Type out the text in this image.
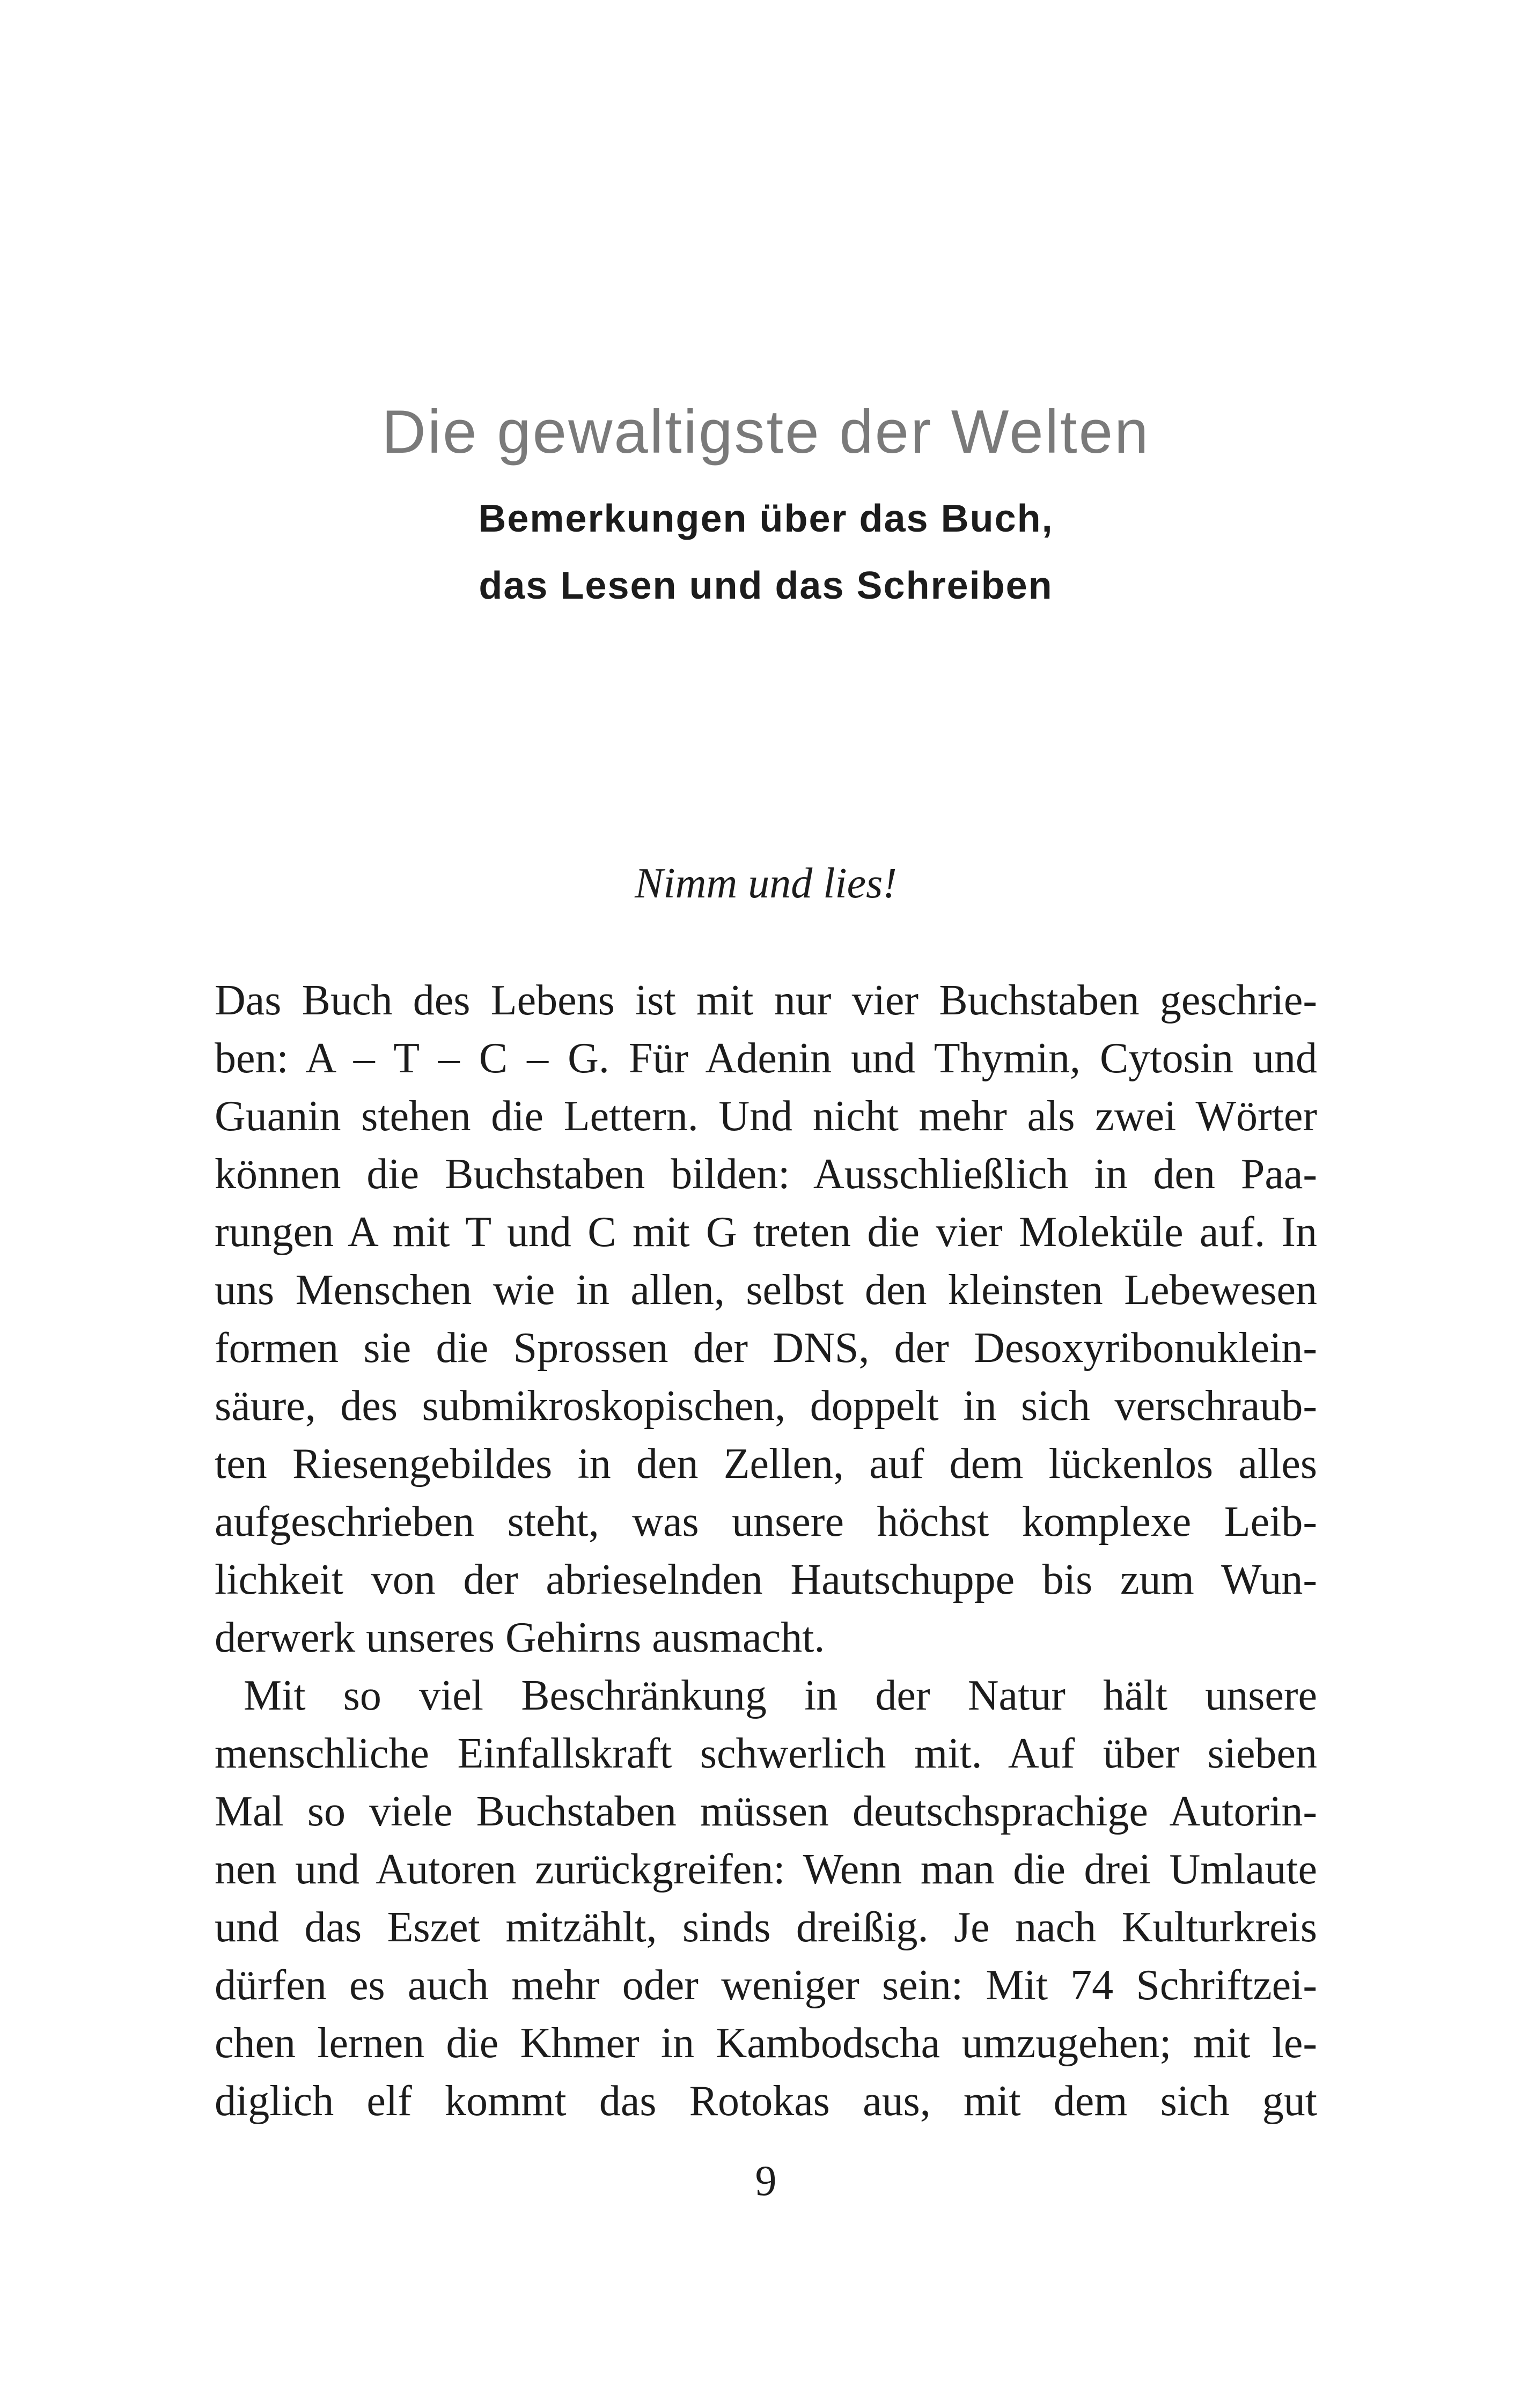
Die gewaltigste der Welten
Bemerkungen über das Buch,
das Lesen und das Schreiben
Nimm und lies!
Das Buch des Lebens ist mit nur vier Buchstaben geschrie-
ben: A – T – C – G. Für Adenin und Thymin, Cytosin und
Guanin stehen die Lettern. Und nicht mehr als zwei Wörter
können die Buchstaben bilden: Ausschließlich in den Paa-
rungen A mit T und C mit G treten die vier Moleküle auf. In
uns Menschen wie in allen, selbst den kleinsten Lebewesen
formen sie die Sprossen der DNS, der Desoxyribonuklein-
säure, des submikroskopischen, doppelt in sich verschraub-
ten Riesengebildes in den Zellen, auf dem lückenlos alles
aufgeschrieben steht, was unsere höchst komplexe Leib-
lichkeit von der abrieselnden Hautschuppe bis zum Wun-
derwerk unseres Gehirns ausmacht.
Mit so viel Beschränkung in der Natur hält unsere
menschliche Einfallskraft schwerlich mit. Auf über sieben
Mal so viele Buchstaben müssen deutschsprachige Autorin-
nen und Autoren zurückgreifen: Wenn man die drei Umlaute
und das Eszet mitzählt, sinds dreißig. Je nach Kulturkreis
dürfen es auch mehr oder weniger sein: Mit 74 Schriftzei-
chen lernen die Khmer in Kambodscha umzugehen; mit le-
diglich elf kommt das Rotokas aus, mit dem sich gut
9
